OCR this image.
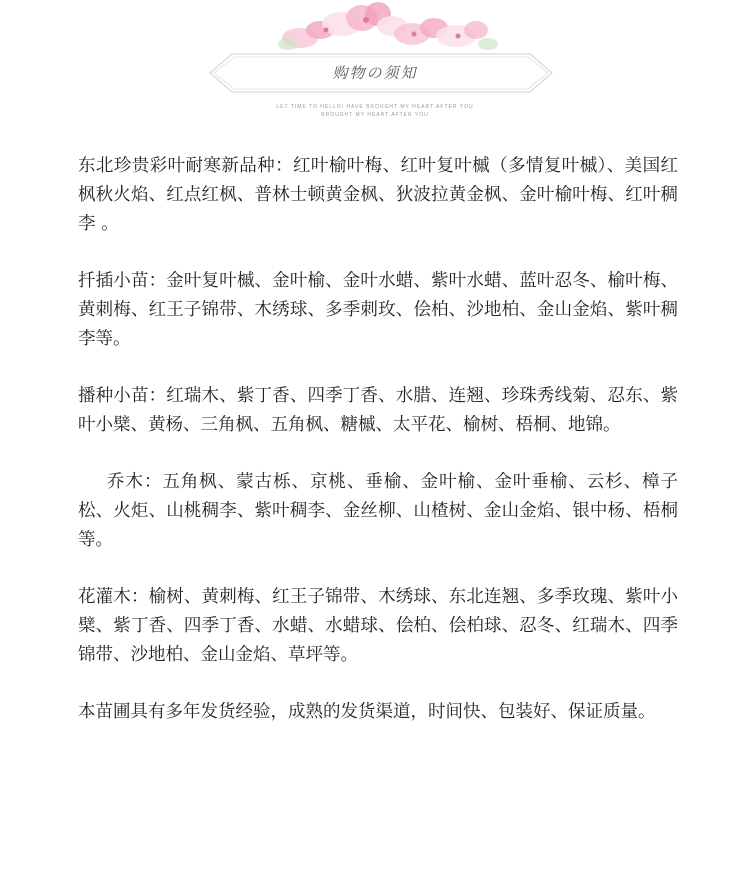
购物の须知
LET TIME TO HELLO! HAVE BROUGHT MY HEART AFTER YOU
BROUGHT MY HEART AFTER YOU

东北珍贵彩叶耐寒新品种：红叶榆叶梅、红叶复叶槭（多情复叶槭）、美国红枫秋火焰、红点红枫、普林士顿黄金枫、狄波拉黄金枫、金叶榆叶梅、红叶稠李 。

扦插小苗：金叶复叶槭、金叶榆、金叶水蜡、紫叶水蜡、蓝叶忍冬、榆叶梅、黄刺梅、红王子锦带、木绣球、多季刺玫、侩柏、沙地柏、金山金焰、紫叶稠李等。

播种小苗：红瑞木、紫丁香、四季丁香、水腊、连翘、珍珠秀线菊、忍东、紫叶小檗、黄杨、三角枫、五角枫、糖槭、太平花、榆树、梧桐、地锦。

乔木：五角枫、蒙古栎、京桃、垂榆、金叶榆、金叶垂榆、云杉、樟子松、火炬、山桃稠李、紫叶稠李、金丝柳、山楂树、金山金焰、银中杨、梧桐等。

花灌木：榆树、黄刺梅、红王子锦带、木绣球、东北连翘、多季玫瑰、紫叶小檗、紫丁香、四季丁香、水蜡、水蜡球、侩柏、侩柏球、忍冬、红瑞木、四季锦带、沙地柏、金山金焰、草坪等。

本苗圃具有多年发货经验，成熟的发货渠道，时间快、包装好、保证质量。
